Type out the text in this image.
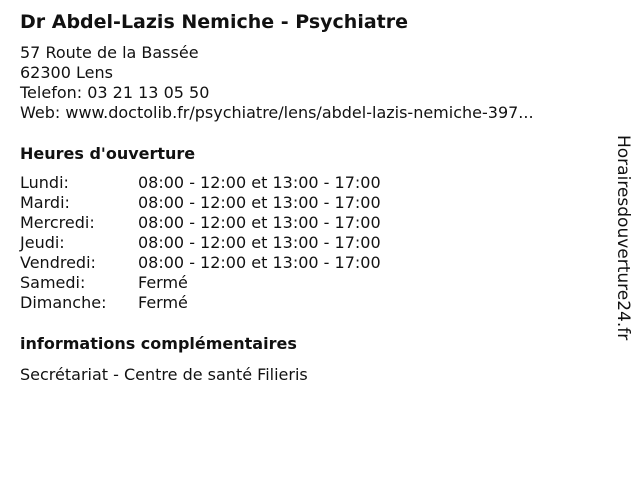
Dr Abdel-Lazis Nemiche - Psychiatre
57 Route de la Bassée
62300 Lens
Telefon: 03 21 13 05 50
Web: www.doctolib.fr/psychiatre/lens/abdel-lazis-nemiche-397...
Heures d'ouverture
Lundi:	08:00 - 12:00 et 13:00 - 17:00
Mardi:	08:00 - 12:00 et 13:00 - 17:00
Mercredi:	08:00 - 12:00 et 13:00 - 17:00
Jeudi:	08:00 - 12:00 et 13:00 - 17:00
Vendredi:	08:00 - 12:00 et 13:00 - 17:00
Samedi:	Fermé
Dimanche: Fermé
informations complémentaires
Secrétariat - Centre de santé Filieris
Horairesdouverture24.fr
